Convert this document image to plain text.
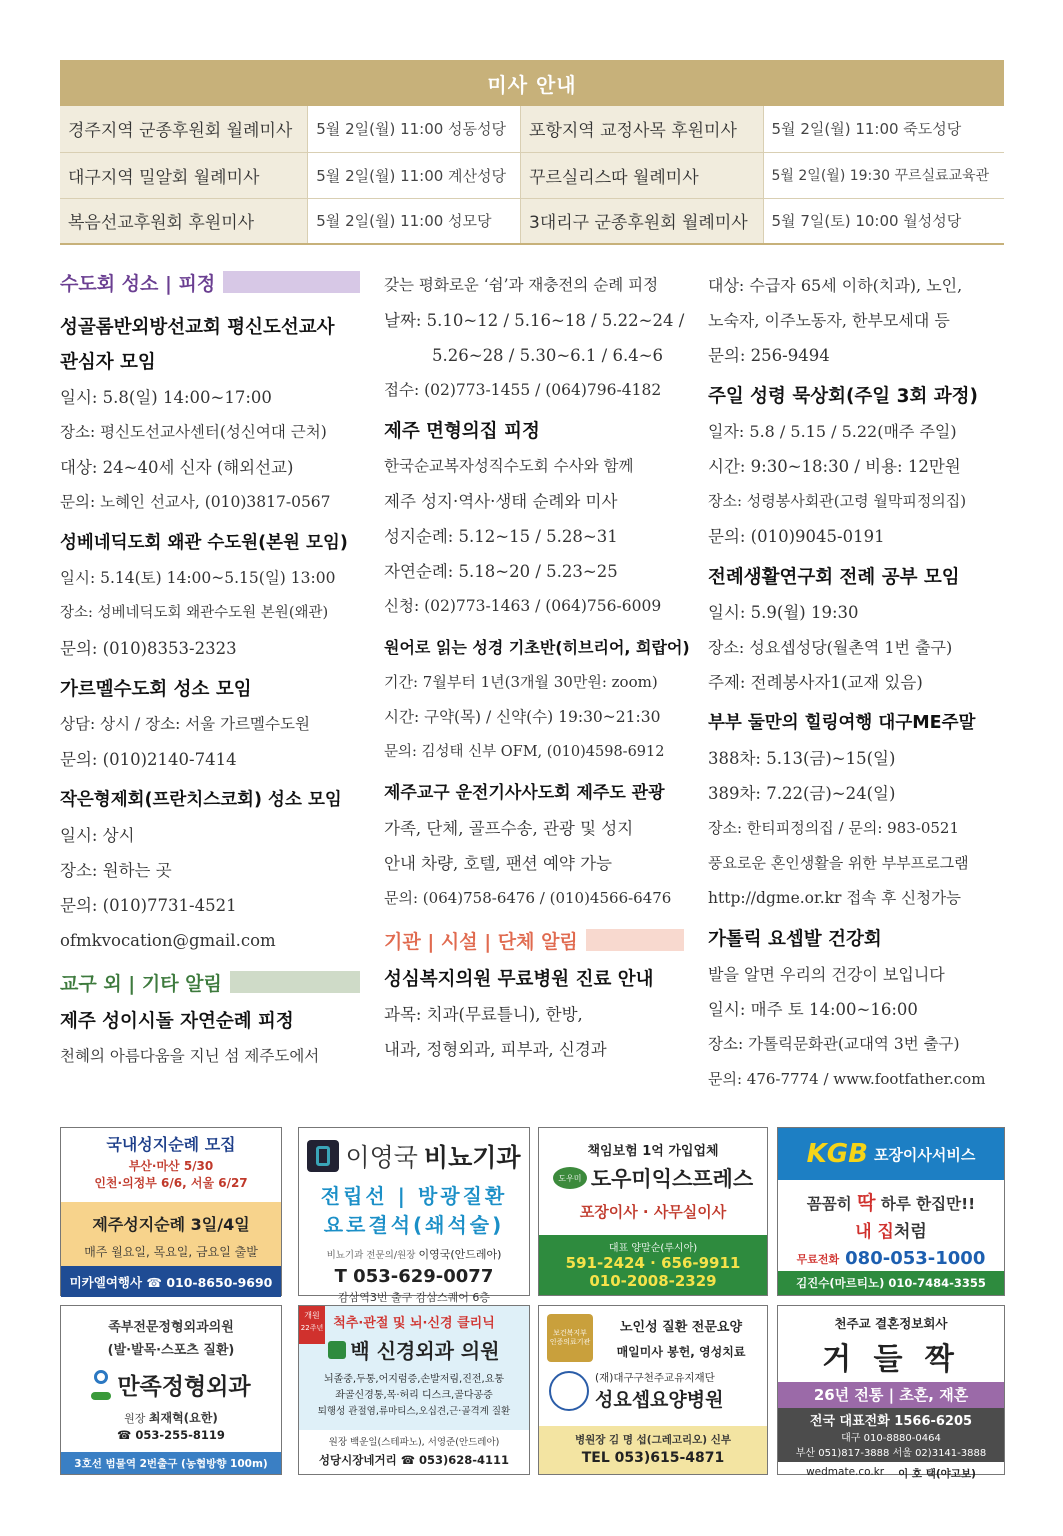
미사 안내
경주지역 군종후원회 월례미사	5월 2일(월) 11:00 성동성당	포항지역 교정사목 후원미사	5월 2일(월) 11:00 죽도성당
대구지역 밀알회 월례미사	5월 2일(월) 11:00 계산성당	꾸르실리스따 월례미사	5월 2일(월) 19:30 꾸르실료교육관
복음선교후원회 후원미사	5월 2일(월) 11:00 성모당	3대리구 군종후원회 월례미사	5월 7일(토) 10:00 월성성당
수도회 성소 | 피정
성골롬반외방선교회 평신도선교사
관심자 모임
일시: 5.8(일) 14:00~17:00
장소: 평신도선교사센터(성신여대 근처)
대상: 24~40세 신자 (해외선교)
문의: 노혜인 선교사, (010)3817-0567
성베네딕도회 왜관 수도원(본원 모임)
일시: 5.14(토) 14:00~5.15(일) 13:00
장소: 성베네딕도회 왜관수도원 본원(왜관)
문의: (010)8353-2323
가르멜수도회 성소 모임
상담: 상시 / 장소: 서울 가르멜수도원
문의: (010)2140-7414
작은형제회(프란치스코회) 성소 모임
일시: 상시
장소: 원하는 곳
문의: (010)7731-4521
ofmkvocation@gmail.com
교구 외 | 기타 알림
제주 성이시돌 자연순례 피정
천혜의 아름다움을 지닌 섬 제주도에서
갖는 평화로운 ‘쉼’과 재충전의 순례 피정
날짜: 5.10~12 / 5.16~18 / 5.22~24 /
5.26~28 / 5.30~6.1 / 6.4~6
접수: (02)773-1455 / (064)796-4182
제주 면형의집 피정
한국순교복자성직수도회 수사와 함께
제주 성지·역사·생태 순례와 미사
성지순례: 5.12~15 / 5.28~31
자연순례: 5.18~20 / 5.23~25
신청: (02)773-1463 / (064)756-6009
원어로 읽는 성경 기초반(히브리어, 희랍어)
기간: 7월부터 1년(3개월 30만원: zoom)
시간: 구약(목) / 신약(수) 19:30~21:30
문의: 김성태 신부 OFM, (010)4598-6912
제주교구 운전기사사도회 제주도 관광
가족, 단체, 골프수송, 관광 및 성지
안내 차량, 호텔, 팬션 예약 가능
문의: (064)758-6476 / (010)4566-6476
기관 | 시설 | 단체 알림
성심복지의원 무료병원 진료 안내
과목: 치과(무료틀니), 한방,
내과, 정형외과, 피부과, 신경과
대상: 수급자 65세 이하(치과), 노인,
노숙자, 이주노동자, 한부모세대 등
문의: 256-9494
주일 성령 묵상회(주일 3회 과정)
일자: 5.8 / 5.15 / 5.22(매주 주일)
시간: 9:30~18:30 / 비용: 12만원
장소: 성령봉사회관(고령 월막피정의집)
문의: (010)9045-0191
전례생활연구회 전례 공부 모임
일시: 5.9(월) 19:30
장소: 성요셉성당(월촌역 1번 출구)
주제: 전례봉사자1(교재 있음)
부부 둘만의 힐링여행 대구ME주말
388차: 5.13(금)~15(일)
389차: 7.22(금)~24(일)
장소: 한티피정의집 / 문의: 983-0521
풍요로운 혼인생활을 위한 부부프로그램
http://dgme.or.kr 접속 후 신청가능
가톨릭 요셉발 건강회
발을 알면 우리의 건강이 보입니다
일시: 매주 토 14:00~16:00
장소: 가톨릭문화관(교대역 3번 출구)
문의: 476-7774 / www.footfather.com
국내성지순례 모집
부산·마산 5/30
인천·의정부 6/6, 서울 6/27
제주성지순례 3일/4일
매주 월요일, 목요일, 금요일 출발
미카엘여행사 ☎ 010-8650-9690
이영국 비뇨기과
전립선 | 방광질환
요로결석(쇄석술)
비뇨기과 전문의/원장 이영국(안드레아)
T 053-629-0077
감삼역3번 출구 감삼스퀘어 6층
책임보험 1억 가입업체
도우미 도우미익스프레스
포장이사 · 사무실이사
대표 양말순(루시아)
591-2424 · 656-9911
010-2008-2329
KGB 포장이사서비스
꼼꼼히 딱 하루 한집만!!
내 집처럼
무료전화 080-053-1000
김진수(마르티노) 010-7484-3355
족부전문정형외과의원
(발·발목·스포츠 질환)
만족정형외과
원장 최재혁(요한)
☎ 053-255-8119
3호선 범물역 2번출구 (농협방향 100m)
개원
22주년 척추·관절 및 뇌·신경 클리닉
백 신경외과 의원
뇌졸중,두통,어지럼증,손발저림,진전,요통
좌골신경통,목·허리 디스크,골다공증
퇴행성 관절염,류마티스,오십견,근·골격계 질환
원장 백운일(스테파노), 서영준(안드레아)
성당시장네거리 ☎ 053)628-4111
보건복지부 인증의료기관
노인성 질환 전문요양
매일미사 봉헌, 영성치료
(재)대구구천주교유지재단
성요셉요양병원
병원장 김 명 섭(그레고리오) 신부
TEL 053)615-4871
천주교 결혼정보회사
거 들 짝
26년 전통 | 초혼, 재혼
전국 대표전화 1566-6205
대구 010-8880-0464
부산 051)817-3888 서울 02)3141-3888
wedmate.co.kr 이 호 택(야고보)
